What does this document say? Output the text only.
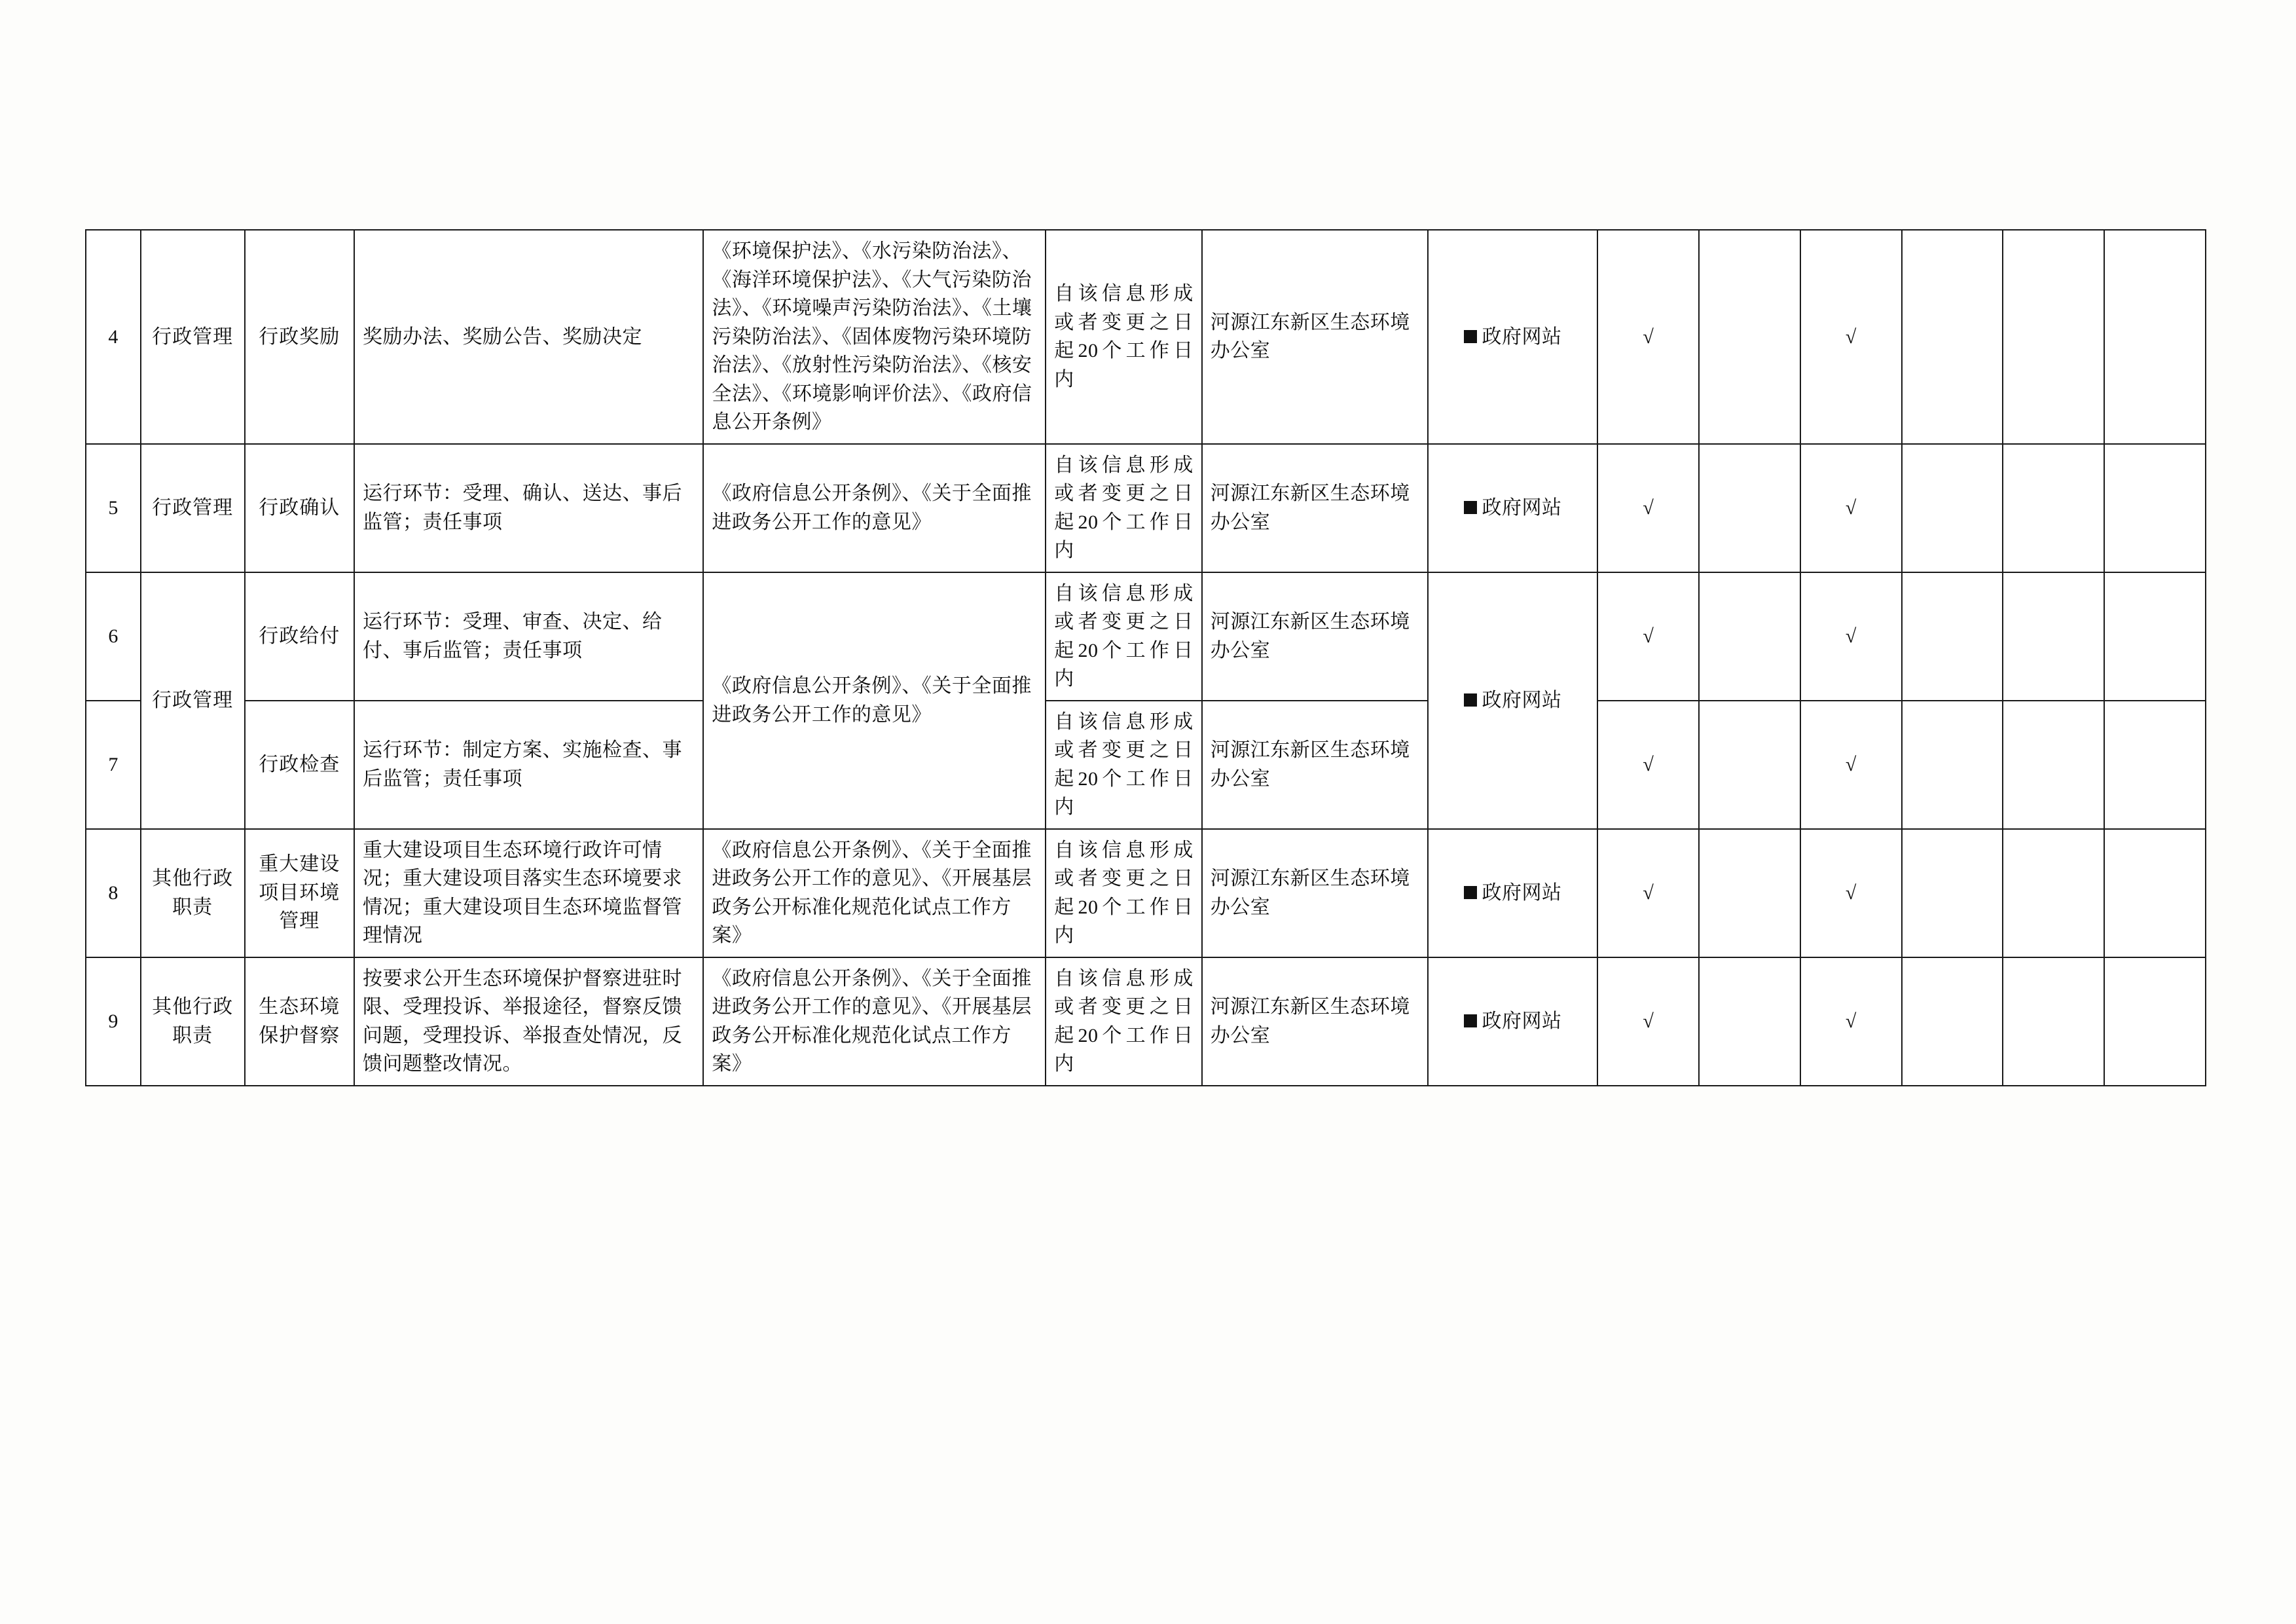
4	行政管理	行政奖励	奖励办法、奖励公告、奖励决定	《环境保护法》、《水污染防治法》、《海洋环境保护法》、《大气污染防治法》、《环境噪声污染防治法》、《土壤污染防治法》、《固体废物污染环境防治法》、《放射性污染防治法》、《核安全法》、《环境影响评价法》、《政府信息公开条例》	自该信息形成或者变更之日起20个工作日内	河源江东新区生态环境办公室	政府网站	√		√			
5	行政管理	行政确认	运行环节：受理、确认、送达、事后监管；责任事项	《政府信息公开条例》、《关于全面推进政务公开工作的意见》	自该信息形成或者变更之日起20个工作日内	河源江东新区生态环境办公室	政府网站	√		√			
6	行政管理	行政给付	运行环节：受理、审查、决定、给付、事后监管；责任事项	《政府信息公开条例》、《关于全面推进政务公开工作的意见》	自该信息形成或者变更之日起20个工作日内	河源江东新区生态环境办公室	政府网站	√		√			
7		行政检查	运行环节：制定方案、实施检查、事后监管；责任事项		自该信息形成或者变更之日起20个工作日内	河源江东新区生态环境办公室		√		√			
8	其他行政职责	重大建设项目环境管理	重大建设项目生态环境行政许可情况；重大建设项目落实生态环境要求情况；重大建设项目生态环境监督管理情况	《政府信息公开条例》、《关于全面推进政务公开工作的意见》、《开展基层政务公开标准化规范化试点工作方案》	自该信息形成或者变更之日起20个工作日内	河源江东新区生态环境办公室	政府网站	√		√			
9	其他行政职责	生态环境保护督察	按要求公开生态环境保护督察进驻时限、受理投诉、举报途径，督察反馈问题，受理投诉、举报查处情况，反馈问题整改情况。	《政府信息公开条例》、《关于全面推进政务公开工作的意见》、《开展基层政务公开标准化规范化试点工作方案》	自该信息形成或者变更之日起20个工作日内	河源江东新区生态环境办公室	政府网站	√		√			
